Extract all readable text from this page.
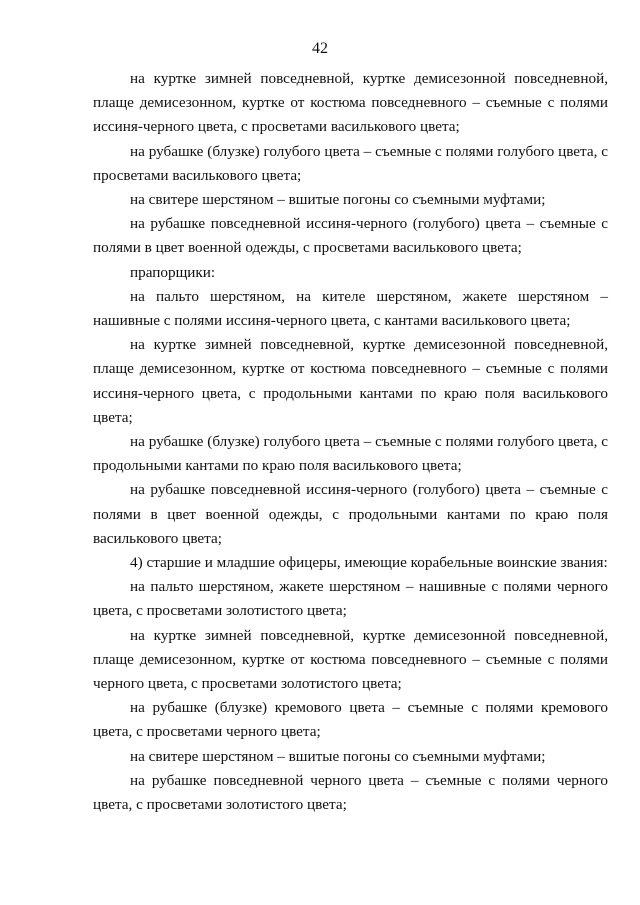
42

на куртке зимней повседневной, куртке демисезонной повседневной, плаще демисезонном, куртке от костюма повседневного – съемные с полями иссиня-черного цвета, с просветами василькового цвета;

на рубашке (блузке) голубого цвета – съемные с полями голубого цвета, с просветами василькового цвета;

на свитере шерстяном – вшитые погоны со съемными муфтами;

на рубашке повседневной иссиня-черного (голубого) цвета – съемные с полями в цвет военной одежды, с просветами василькового цвета;

прапорщики:

на пальто шерстяном, на кителе шерстяном, жакете шерстяном – нашивные с полями иссиня-черного цвета, с кантами василькового цвета;

на куртке зимней повседневной, куртке демисезонной повседневной, плаще демисезонном, куртке от костюма повседневного – съемные с полями иссиня-черного цвета, с продольными кантами по краю поля василькового цвета;

на рубашке (блузке) голубого цвета – съемные с полями голубого цвета, с продольными кантами по краю поля василькового цвета;

на рубашке повседневной иссиня-черного (голубого) цвета – съемные с полями в цвет военной одежды, с продольными кантами по краю поля василькового цвета;

4) старшие и младшие офицеры, имеющие корабельные воинские звания:

на пальто шерстяном, жакете шерстяном – нашивные с полями черного цвета, с просветами золотистого цвета;

на куртке зимней повседневной, куртке демисезонной повседневной, плаще демисезонном, куртке от костюма повседневного – съемные с полями черного цвета, с просветами золотистого цвета;

на рубашке (блузке) кремового цвета – съемные с полями кремового цвета, с просветами черного цвета;

на свитере шерстяном – вшитые погоны со съемными муфтами;

на рубашке повседневной черного цвета – съемные с полями черного цвета, с просветами золотистого цвета;
